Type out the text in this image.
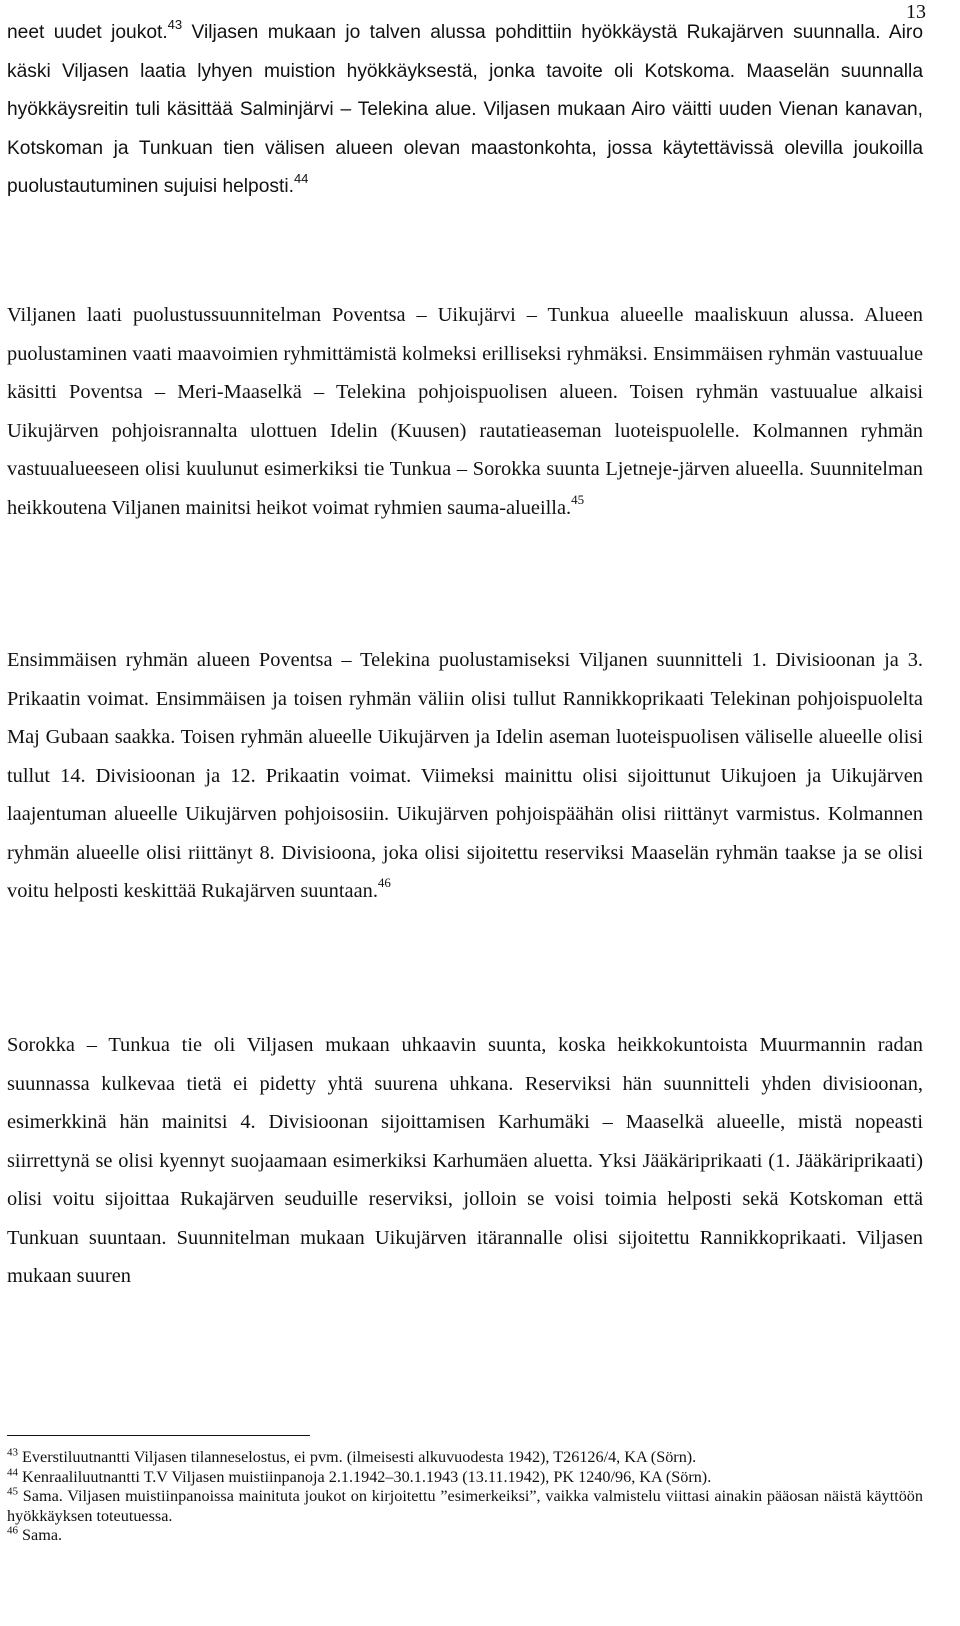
13

neet uudet joukot.$^{43}$ Viljasen mukaan jo talven alussa pohdittiin hyökkäystä Rukajärven suunnalla. Airo käski Viljasen laatia lyhyen muistion hyökkäyksestä, jonka tavoite oli Kotskoma. Maaselän suunnalla hyökkäysreitin tuli käsittää Salminjärvi – Telekina alue. Viljasen mukaan Airo väitti uuden Vienan kanavan, Kotskoman ja Tunkuan tien välisen alueen olevan maastonkohta, jossa käytettävissä olevilla joukoilla puolustautuminen sujuisi helposti.$^{44}$

Viljanen laati puolustussuunnitelman Poventsa – Uikujärvi – Tunkua alueelle maaliskuun alussa. Alueen puolustaminen vaati maavoimien ryhmittämistä kolmeksi erilliseksi ryhmäksi. Ensimmäisen ryhmän vastuualue käsitti Poventsa – Meri-Maaselkä – Telekina pohjoispuolisen alueen. Toisen ryhmän vastuualue alkaisi Uikujärven pohjoisrannalta ulottuen Idelin (Kuusen) rautatieaseman luoteispuolelle. Kolmannen ryhmän vastuualueeseen olisi kuulunut esimerkiksi tie Tunkua – Sorokka suunta Ljetneje-järven alueella. Suunnitelman heikkoutena Viljanen mainitsi heikot voimat ryhmien sauma-alueilla.$^{45}$

Ensimmäisen ryhmän alueen Poventsa – Telekina puolustamiseksi Viljanen suunnitteli 1. Divisioonan ja 3. Prikaatin voimat. Ensimmäisen ja toisen ryhmän väliin olisi tullut Rannikkoprikaati Telekinan pohjoispuolelta Maj Gubaan saakka. Toisen ryhmän alueelle Uikujärven ja Idelin aseman luoteispuolisen väliselle alueelle olisi tullut 14. Divisioonan ja 12. Prikaatin voimat. Viimeksi mainittu olisi sijoittunut Uikujoen ja Uikujärven laajentuman alueelle Uikujärven pohjoisosiin. Uikujärven pohjoispäähän olisi riittänyt varmistus. Kolmannen ryhmän alueelle olisi riittänyt 8. Divisioona, joka olisi sijoitettu reserviksi Maaselän ryhmän taakse ja se olisi voitu helposti keskittää Rukajärven suuntaan.$^{46}$

Sorokka – Tunkua tie oli Viljasen mukaan uhkaavin suunta, koska heikkokuntoista Muurmannin radan suunnassa kulkevaa tietä ei pidetty yhtä suurena uhkana. Reserviksi hän suunnitteli yhden divisioonan, esimerkkinä hän mainitsi 4. Divisioonan sijoittamisen Karhumäki – Maaselkä alueelle, mistä nopeasti siirrettynä se olisi kyennyt suojaamaan esimerkiksi Karhumäen aluetta. Yksi Jääkäriprikaati (1. Jääkäriprikaati) olisi voitu sijoittaa Rukajärven seuduille reserviksi, jolloin se voisi toimia helposti sekä Kotskoman että Tunkuan suuntaan. Suunnitelman mukaan Uikujärven itärannalle olisi sijoitettu Rannikkoprikaati. Viljasen mukaan suuren

$^{43}$ Everstiluutnantti Viljasen tilanneselostus, ei pvm. (ilmeisesti alkuvuodesta 1942), T26126/4, KA (Sörn).

$^{44}$ Kenraaliluutnantti T.V Viljasen muistiinpanoja 2.1.1942–30.1.1943 (13.11.1942), PK 1240/96, KA (Sörn).

$^{45}$ Sama. Viljasen muistiinpanoissa mainituta joukot on kirjoitettu ”esimerkeiksi”, vaikka valmistelu viittasi ainakin pääosan näistä käyttöön hyökkäyksen toteutuessa.

$^{46}$ Sama.
